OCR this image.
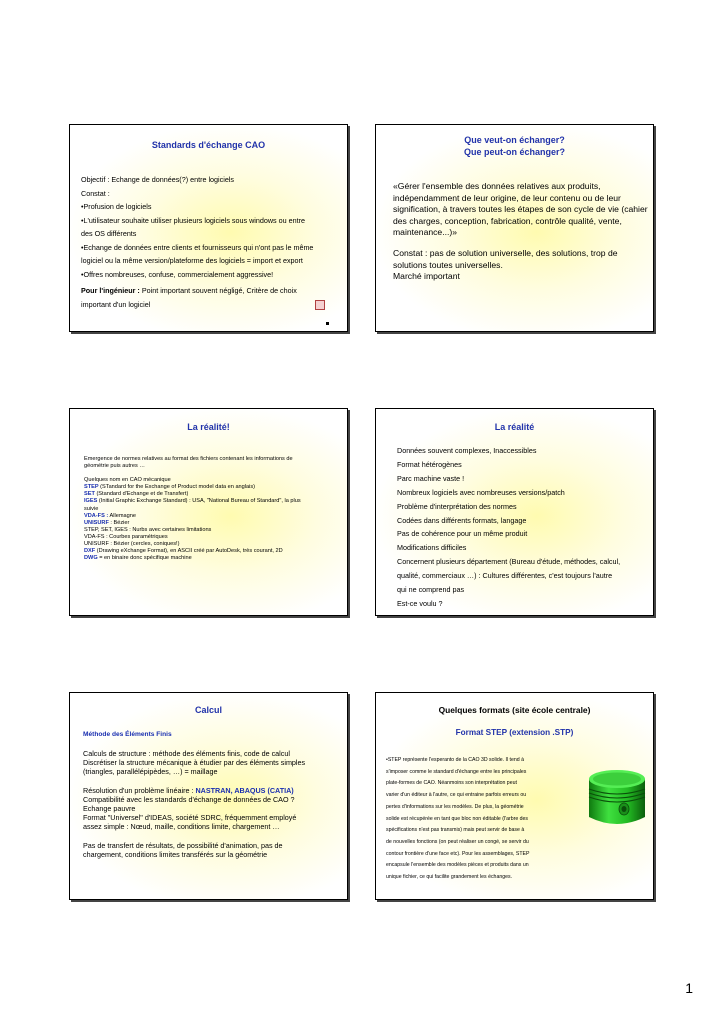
Standards d'échange CAO

Objectif : Echange de données(?) entre logiciels

Constat :

•Profusion de logiciels

•L'utilisateur souhaite utiliser plusieurs logiciels sous windows ou entre

des OS différents

•Echange de données entre clients et fournisseurs qui n'ont pas le même

logiciel ou la même version/plateforme des logiciels = import et export

•Offres nombreuses, confuse, commercialement aggressive!

Pour l'ingénieur : Point important souvent négligé, Critère de choix

important d'un logiciel

Que veut-on échanger?
Que peut-on échanger?
«Gérer l'ensemble des données relatives aux produits, indépendamment de leur origine, de leur contenu ou de leur signification, à travers toutes les étapes de son cycle de vie (cahier des charges, conception, fabrication, contrôle qualité, vente, maintenance...)»
Constat : pas de solution universelle, des solutions, trop de solutions toutes universelles.
Marché important
La réalité!
Emergence de normes relatives au format des fichiers contenant les informations de géométrie puis autres …
Quelques nom en CAO mécanique
STEP (STandard for the Exchange of Product model data en anglais)
SET (Standard d'Echange et de Transfert)
IGES (Initial Graphic Exchange Standard) : USA, "National Bureau of Standard", la plus suivie
VDA-FS : Allemagne
UNISURF : Bézier
STEP, SET, IGES : Nurbs avec certaines limitations
VDA-FS : Courbes paramétriques
UNISURF : Bézier (cercles, coniques!)
DXF (Drawing eXchange Format), en ASCII créé par AutoDesk, très courant, 2D
DWG = en binaire donc spécifique machine
La réalité

Données souvent complexes, Inaccessibles

Format hétérogènes

Parc machine vaste !

Nombreux logiciels avec nombreuses versions/patch

Problème d'interprétation des normes

Codées dans différents formats, langage

Pas de cohérence pour un même produit

Modifications difficiles

Concernent plusieurs département (Bureau d'étude, méthodes, calcul,

qualité, commerciaux …) : Cultures différentes, c'est toujours l'autre

qui ne comprend pas

Est-ce voulu ?

Calcul
Méthode des Éléments Finis
Calculs de structure : méthode des éléments finis, code de calcul
Discrétiser la structure mécanique à étudier par des éléments simples
(triangles, parallélépipèdes, …) = maillage
Résolution d'un problème linéaire : NASTRAN, ABAQUS (CATIA)
Compatibilité avec les standards d'échange de données de CAO ?
Echange pauvre
Format "Universel" d'IDEAS, société SDRC, fréquemment employé
assez simple : Nœud, maille, conditions limite, chargement …
Pas de transfert de résultats, de possibilité d'animation, pas de
chargement, conditions limites transférés sur la géométrie
Quelques formats (site école centrale)
Format STEP (extension .STP)

•STEP représente l'esperanto de la CAO 3D solide. Il tend à

s'imposer comme le standard d'échange entre les principales

plate-formes de CAO. Néanmoins son interprétation peut

varier d'un éditeur à l'autre, ce qui entraine parfois erreurs ou

pertes d'informations sur les modèles. De plus, la géométrie

solide est récupérée en tant que bloc non éditable (l'arbre des

spécifications n'est pas transmis) mais peut servir de base à

de nouvelles fonctions (on peut réaliser un congé, se servir du

contour frontière d'une face etc). Pour les assemblages, STEP

encapsule l'ensemble des modèles pièces et produits dans un

unique fichier, ce qui facilite grandement les échanges.

1
